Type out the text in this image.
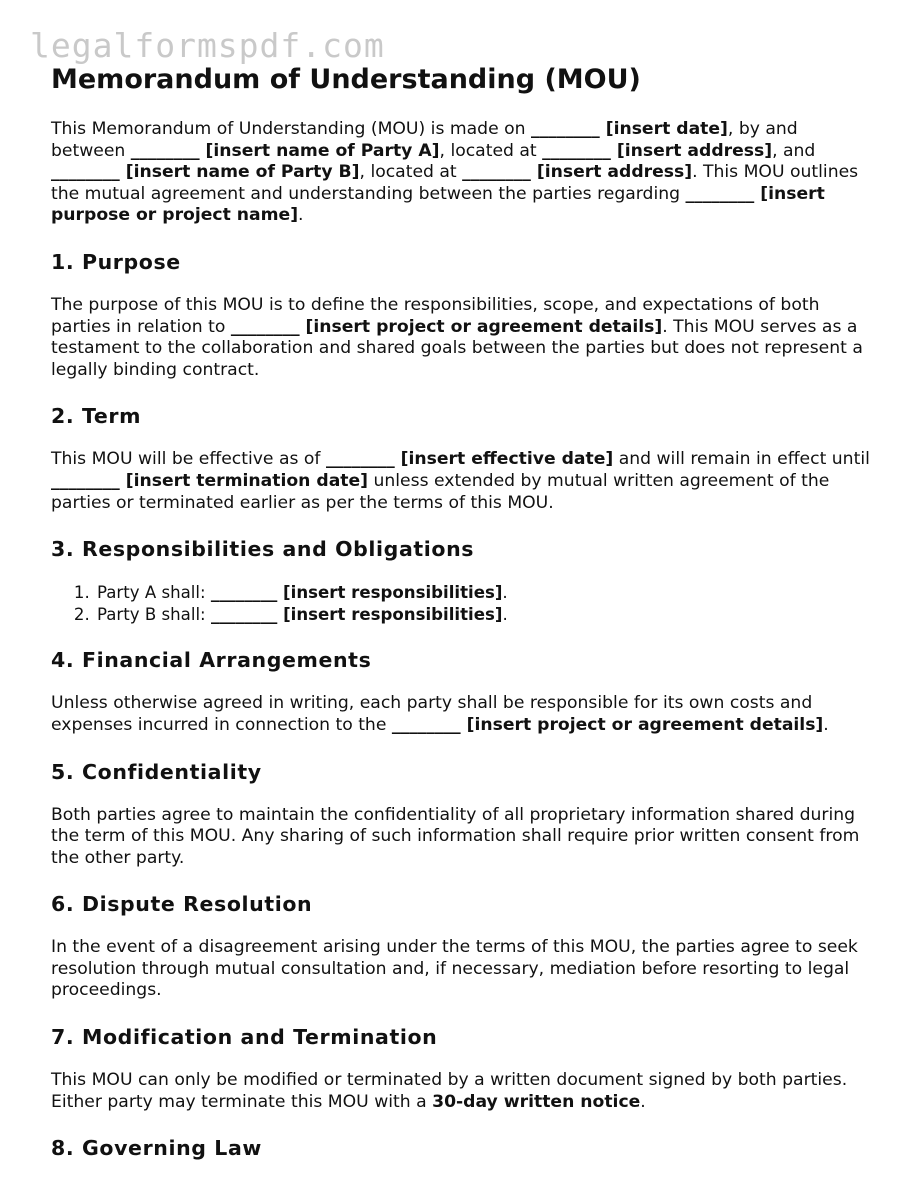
legalformspdf.com
Memorandum of Understanding (MOU)

This Memorandum of Understanding (MOU) is made on ________ [insert date], by and between ________ [insert name of Party A], located at ________ [insert address], and ________ [insert name of Party B], located at ________ [insert address]. This MOU outlines the mutual agreement and understanding between the parties regarding ________ [insert purpose or project name].

1. Purpose

The purpose of this MOU is to define the responsibilities, scope, and expectations of both parties in relation to ________ [insert project or agreement details]. This MOU serves as a testament to the collaboration and shared goals between the parties but does not represent a legally binding contract.

2. Term

This MOU will be effective as of ________ [insert effective date] and will remain in effect until ________ [insert termination date] unless extended by mutual written agreement of the parties or terminated earlier as per the terms of this MOU.

3. Responsibilities and Obligations
1. Party A shall: ________ [insert responsibilities].
2. Party B shall: ________ [insert responsibilities].
4. Financial Arrangements

Unless otherwise agreed in writing, each party shall be responsible for its own costs and expenses incurred in connection to the ________ [insert project or agreement details].

5. Confidentiality

Both parties agree to maintain the confidentiality of all proprietary information shared during the term of this MOU. Any sharing of such information shall require prior written consent from the other party.

6. Dispute Resolution

In the event of a disagreement arising under the terms of this MOU, the parties agree to seek resolution through mutual consultation and, if necessary, mediation before resorting to legal proceedings.

7. Modification and Termination

This MOU can only be modified or terminated by a written document signed by both parties. Either party may terminate this MOU with a 30-day written notice.

8. Governing Law
